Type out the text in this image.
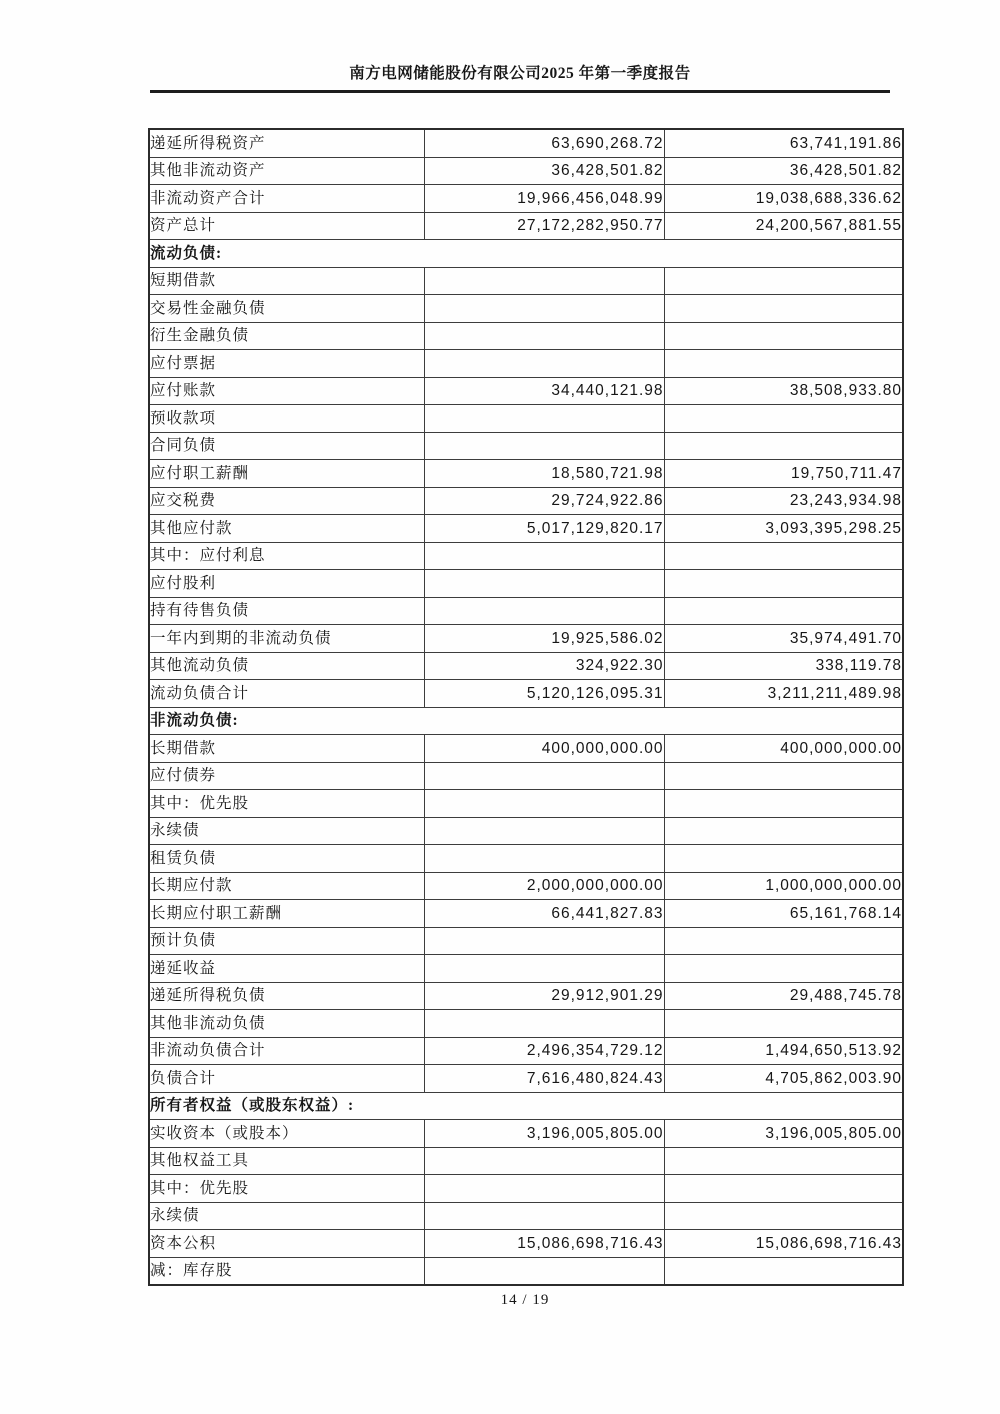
南方电网储能股份有限公司2025 年第一季度报告
递延所得税资产	63,690,268.72	63,741,191.86
其他非流动资产	36,428,501.82	36,428,501.82
非流动资产合计	19,966,456,048.99	19,038,688,336.62
资产总计	27,172,282,950.77	24,200,567,881.55
流动负债:		
短期借款		
交易性金融负债		
衍生金融负债		
应付票据		
应付账款	34,440,121.98	38,508,933.80
预收款项		
合同负债		
应付职工薪酬	18,580,721.98	19,750,711.47
应交税费	29,724,922.86	23,243,934.98
其他应付款	5,017,129,820.17	3,093,395,298.25
其中：应付利息		
应付股利		
持有待售负债		
一年内到期的非流动负债	19,925,586.02	35,974,491.70
其他流动负债	324,922.30	338,119.78
流动负债合计	5,120,126,095.31	3,211,211,489.98
非流动负债:		
长期借款	400,000,000.00	400,000,000.00
应付债券		
其中：优先股		
永续债		
租赁负债		
长期应付款	2,000,000,000.00	1,000,000,000.00
长期应付职工薪酬	66,441,827.83	65,161,768.14
预计负债		
递延收益		
递延所得税负债	29,912,901.29	29,488,745.78
其他非流动负债		
非流动负债合计	2,496,354,729.12	1,494,650,513.92
负债合计	7,616,480,824.43	4,705,862,003.90
所有者权益（或股东权益）:		
实收资本（或股本）	3,196,005,805.00	3,196,005,805.00
其他权益工具		
其中：优先股		
永续债		
资本公积	15,086,698,716.43	15,086,698,716.43
减：库存股		
14 / 19
